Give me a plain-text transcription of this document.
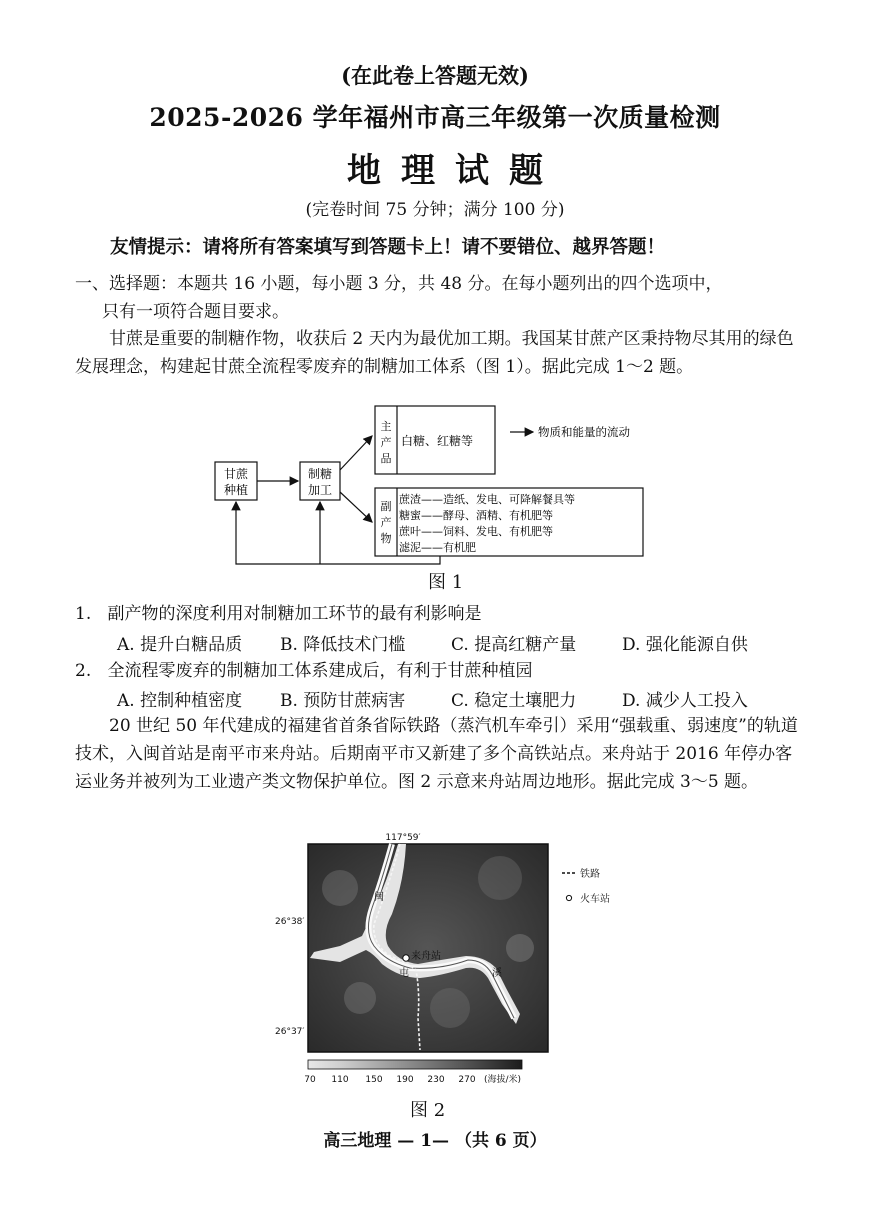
(在此卷上答题无效)
2025-2026 学年福州市高三年级第一次质量检测
地理试题
(完卷时间 75 分钟；满分 100 分)
友情提示：请将所有答案填写到答题卡上！请不要错位、越界答题！
一、选择题：本题共 16 小题，每小题 3 分，共 48 分。在每小题列出的四个选项中，
只有一项符合题目要求。
甘蔗是重要的制糖作物，收获后 2 天内为最优加工期。我国某甘蔗产区秉持物尽其用的绿色发展理念，构建起甘蔗全流程零废弃的制糖加工体系（图 1）。据此完成 1～2 题。
甘蔗
种植
制糖
加工
主
产
品
白糖、红糖等
副
产
物
蔗渣——造纸、发电、可降解餐具等
糖蜜——酵母、酒精、有机肥等
蔗叶——饲料、发电、有机肥等
滤泥——有机肥
物质和能量的流动
图 1
1. 副产物的深度利用对制糖加工环节的最有利影响是
A. 提升白糖品质 B. 降低技术门槛	C. 提高红糖产量	D. 强化能源自供
2. 全流程零废弃的制糖加工体系建成后，有利于甘蔗种植园
A. 控制种植密度 B. 预防甘蔗病害	C. 稳定土壤肥力	D. 减少人工投入
20 世纪 50 年代建成的福建省首条省际铁路（蒸汽机车牵引）采用“强载重、弱速度”的轨道技术，入闽首站是南平市来舟站。后期南平市又新建了多个高铁站点。来舟站于 2016 年停办客运业务并被列为工业遗产类文物保护单位。图 2 示意来舟站周边地形。据此完成 3～5 题。
来舟站
闽
屯	溪
117°59′
26°38′
26°37′
铁路
火车站
70 110 150 190 230 270 (海拔/米)
图 2
高三地理 — 1— （共 6 页）
